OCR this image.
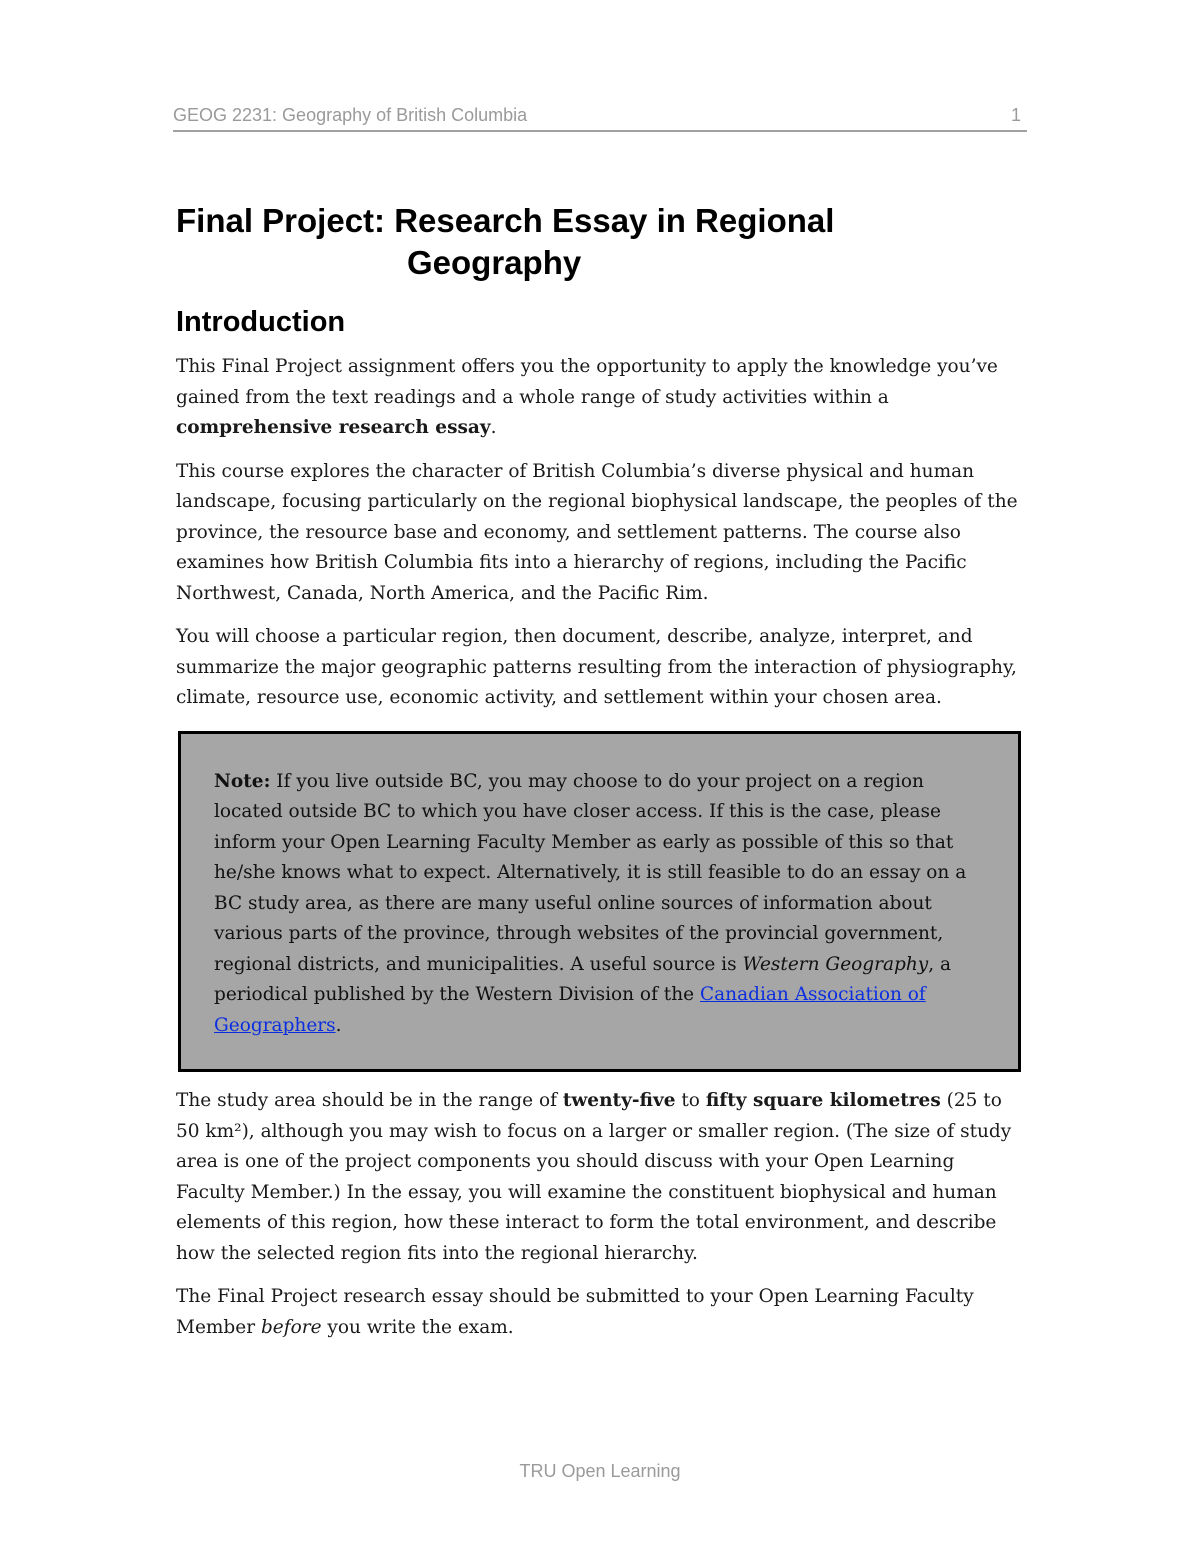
GEOG 2231: Geography of British Columbia	1
Final Project: Research Essay in Regional
Geography
Introduction

This Final Project assignment offers you the opportunity to apply the knowledge you’ve gained from the text readings and a whole range of study activities within a comprehensive research essay.

This course explores the character of British Columbia’s diverse physical and human landscape, focusing particularly on the regional biophysical landscape, the peoples of the province, the resource base and economy, and settlement patterns. The course also examines how British Columbia fits into a hierarchy of regions, including the Pacific Northwest, Canada, North America, and the Pacific Rim.

You will choose a particular region, then document, describe, analyze, interpret, and summarize the major geographic patterns resulting from the interaction of physiography, climate, resource use, economic activity, and settlement within your chosen area.

Note: If you live outside BC, you may choose to do your project on a region located outside BC to which you have closer access. If this is the case, please inform your Open Learning Faculty Member as early as possible of this so that he/she knows what to expect. Alternatively, it is still feasible to do an essay on a BC study area, as there are many useful online sources of information about various parts of the province, through websites of the provincial government, regional districts, and municipalities. A useful source is Western Geography, a periodical published by the Western Division of the Canadian Association of Geographers.

The study area should be in the range of twenty-five to fifty square kilometres (25 to 50 km²), although you may wish to focus on a larger or smaller region. (The size of study area is one of the project components you should discuss with your Open Learning Faculty Member.) In the essay, you will examine the constituent biophysical and human elements of this region, how these interact to form the total environment, and describe how the selected region fits into the regional hierarchy.

The Final Project research essay should be submitted to your Open Learning Faculty Member before you write the exam.

TRU Open Learning
